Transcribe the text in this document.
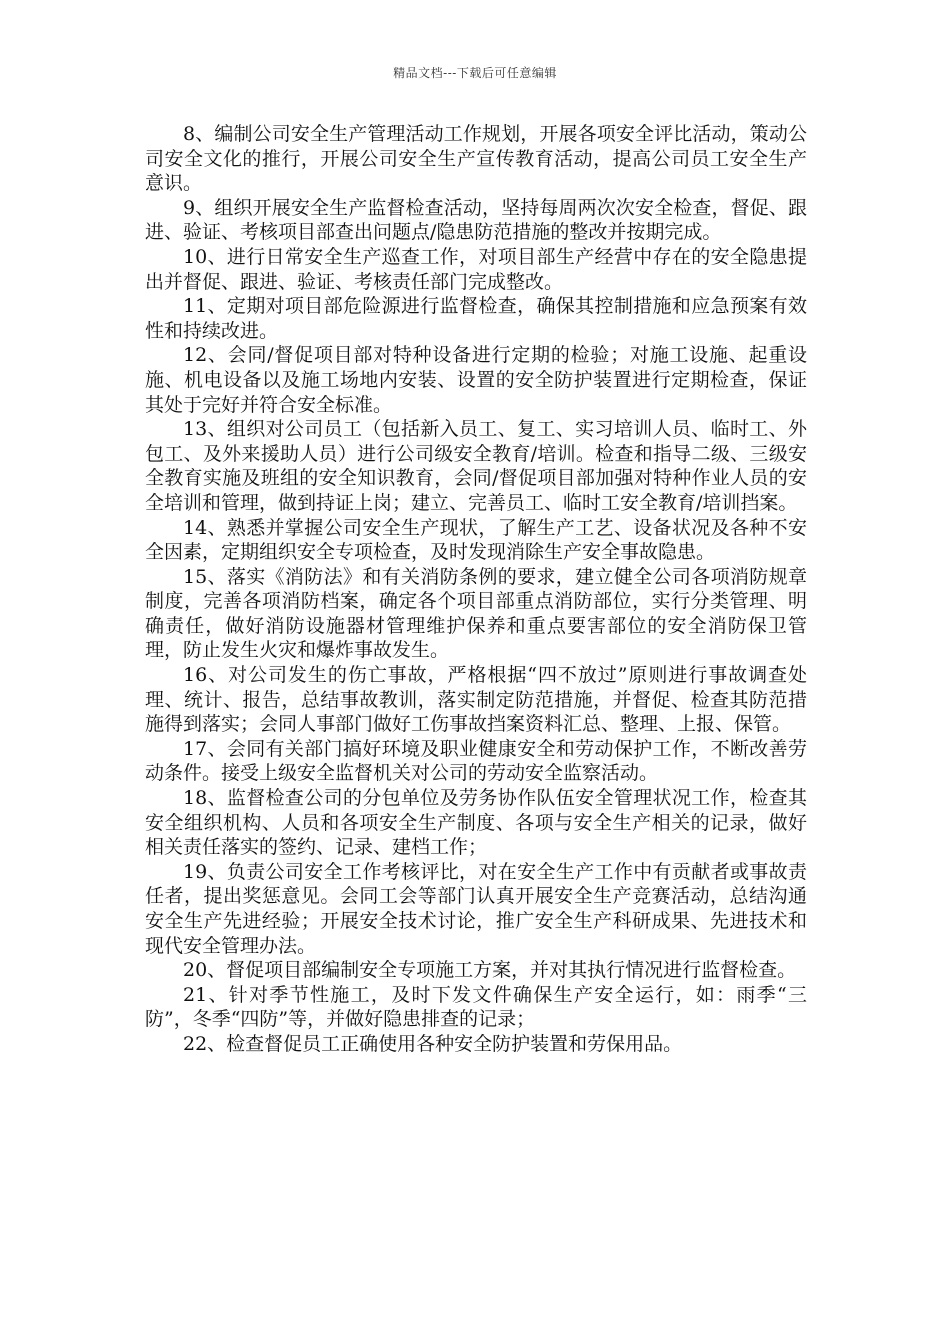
精品文档---下载后可任意编辑

8、编制公司安全生产管理活动工作规划，开展各项安全评比活动，策动公司安全文化的推行，开展公司安全生产宣传教育活动，提高公司员工安全生产意识。

9、组织开展安全生产监督检查活动，坚持每周两次次安全检查，督促、跟进、验证、考核项目部查出问题点/隐患防范措施的整改并按期完成。

10、进行日常安全生产巡查工作，对项目部生产经营中存在的安全隐患提出并督促、跟进、验证、考核责任部门完成整改。

11、定期对项目部危险源进行监督检查，确保其控制措施和应急预案有效性和持续改进。

12、会同/督促项目部对特种设备进行定期的检验；对施工设施、起重设施、机电设备以及施工场地内安装、设置的安全防护装置进行定期检查，保证其处于完好并符合安全标准。

13、组织对公司员工（包括新入员工、复工、实习培训人员、临时工、外包工、及外来援助人员）进行公司级安全教育/培训。检查和指导二级、三级安全教育实施及班组的安全知识教育，会同/督促项目部加强对特种作业人员的安全培训和管理，做到持证上岗；建立、完善员工、临时工安全教育/培训挡案。

14、熟悉并掌握公司安全生产现状，了解生产工艺、设备状况及各种不安全因素，定期组织安全专项检查，及时发现消除生产安全事故隐患。

15、落实《消防法》和有关消防条例的要求，建立健全公司各项消防规章制度，完善各项消防档案，确定各个项目部重点消防部位，实行分类管理、明确责任，做好消防设施器材管理维护保养和重点要害部位的安全消防保卫管理，防止发生火灾和爆炸事故发生。

16、对公司发生的伤亡事故，严格根据“四不放过”原则进行事故调查处理、统计、报告，总结事故教训，落实制定防范措施，并督促、检查其防范措施得到落实；会同人事部门做好工伤事故挡案资料汇总、整理、上报、保管。

17、会同有关部门搞好环境及职业健康安全和劳动保护工作，不断改善劳动条件。接受上级安全监督机关对公司的劳动安全监察活动。

18、监督检查公司的分包单位及劳务协作队伍安全管理状况工作，检查其安全组织机构、人员和各项安全生产制度、各项与安全生产相关的记录，做好相关责任落实的签约、记录、建档工作；

19、负责公司安全工作考核评比，对在安全生产工作中有贡献者或事故责任者，提出奖惩意见。会同工会等部门认真开展安全生产竞赛活动，总结沟通安全生产先进经验；开展安全技术讨论，推广安全生产科研成果、先进技术和现代安全管理办法。

20、督促项目部编制安全专项施工方案，并对其执行情况进行监督检查。

21、针对季节性施工，及时下发文件确保生产安全运行，如：雨季“三防”，冬季“四防”等，并做好隐患排查的记录；

22、检查督促员工正确使用各种安全防护装置和劳保用品。
